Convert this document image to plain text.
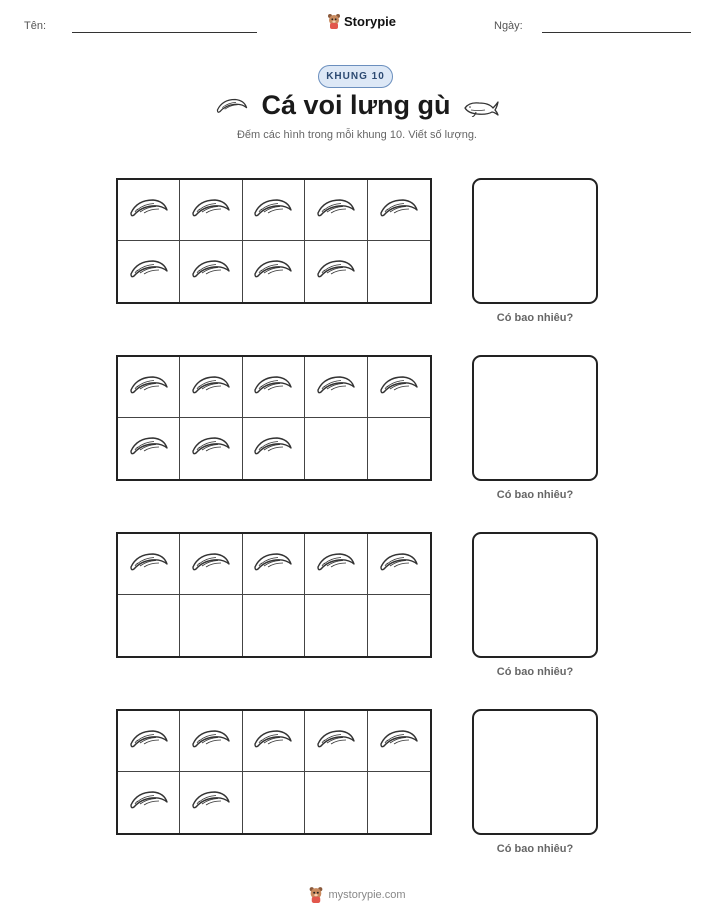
Tên:	Storypie	Ngày:
KHUNG 10
Cá voi lưng gù
Đếm các hình trong mỗi khung 10. Viết số lượng.
Có bao nhiêu?
Có bao nhiêu?
Có bao nhiêu?
Có bao nhiêu?
mystorypie.com
